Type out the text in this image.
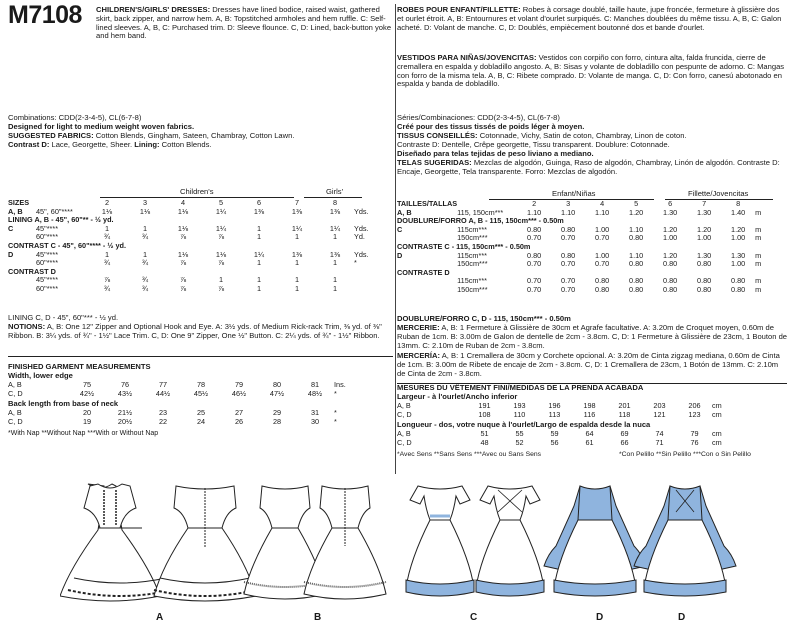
M7108 CHILDREN'S/GIRLS' DRESSES: Dresses have lined bodice, raised waist, gathered skirt, back zipper, and narrow hem. A, B: Topstitched armholes and hem ruffle. C: Self-lined sleeves. A, B, C: Purchased trim. D: Sleeve flounce. C, D: Lined, back-button yoke and hem band.
Combinations: CDD(2-3-4-5), CL(6-7-8)
Designed for light to medium weight woven fabrics.
SUGGESTED FABRICS: Cotton Blends, Gingham, Sateen, Chambray, Cotton Lawn.
Contrast D: Lace, Georgette, Sheer. Lining: Cotton Blends.
Children's	Girls'
SIZES		2	3	4	5	6	7	8	
A, B	45", 60"****	1⅛	1⅛	1⅛	1¼	1⅜	1⅜	1⅜	Yds.
LINING A, B - 45", 60"** - ½ yd.									
C	45"****	1	1	1⅛	1¼	1	1¼	1¼	Yds.
	60"****	¾	¾	⅞	⅞	1	1	1	Yd.
CONTRAST C - 45", 60"**** - ½ yd.									
D	45"****	1	1	1⅛	1⅛	1¼	1⅜	1⅜	Yds.
	60"****	¾	¾	⅞	⅞	1	1	1	*
CONTRAST D									
	45"****	⅞	¾	⅞	1	1	1	1	
	60"****	¾	¾	⅞	⅞	1	1	1	
LINING C, D - 45", 60"*** - ½ yd.
NOTIONS: A, B: One 12" Zipper and Optional Hook and Eye. A: 3½ yds. of Medium Rick-rack Trim, ⅜ yd. of ⅜" Ribbon. B: 3¼ yds. of ¾" - 1½" Lace Trim. C, D: One 9" Zipper, One ½" Button. C: 2¼ yds. of ¾" - 1½" Ribbon.
FINISHED GARMENT MEASUREMENTS
Width, lower edge
A, B	75	76	77	78	79	80	81	Ins.
C, D	42½	43½	44½	45½	46½	47½	48½	*
Back length from base of neck
A, B	20	21½	23	25	27	29	31	*
C, D	19	20½	22	24	26	28	30	*
*With Nap **Without Nap ***With or Without Nap
ROBES POUR ENFANT/FILLETTE: Robes à corsage doublé, taille haute, jupe froncée, fermeture à glissière dos et ourlet étroit. A, B: Entournures et volant d'ourlet surpiqués. C: Manches doublées du même tissu. A, B, C: Galon acheté. D: Volant de manche. C, D: Doublés, empiècement boutonné dos et bande d'ourlet.
VESTIDOS PARA NIÑAS/JOVENCITAS: Vestidos con corpiño con forro, cintura alta, falda fruncida, cierre de cremallera en espalda y dobladillo angosto. A, B: Sisas y volante de dobladillo con pespunte de adorno. C: Mangas con forro de la misma tela. A, B, C: Ribete comprado. D: Volante de manga. C, D: Con forro, canesú abotonado en espalda y banda de dobladillo.
Séries/Combinaciones: CDD(2-3-4-5), CL(6-7-8)
Créé pour des tissus tissés de poids léger à moyen.
TISSUS CONSEILLÉS: Cotonnade, Vichy, Satin de coton, Chambray, Linon de coton.
Contraste D: Dentelle, Crêpe georgette, Tissu transparent. Doublure: Cotonnade.
Diseñado para telas tejidas de peso liviano a mediano.
TELAS SUGERIDAS: Mezclas de algodón, Guinga, Raso de algodón, Chambray, Linón de algodón. Contraste D: Encaje, Georgette, Tela transparente. Forro: Mezclas de algodón.
Enfant/Niñas	Fillette/Jovencitas
TAILLES/TALLAS		2	3	4	5	6	7	8	
A, B	115, 150cm***	1.10	1.10	1.10	1.20	1.30	1.30	1.40	m
DOUBLURE/FORRO A, B - 115, 150cm*** - 0.50m									
C	115cm***	0.80	0.80	1.00	1.10	1.20	1.20	1.20	m
	150cm***	0.70	0.70	0.70	0.80	1.00	1.00	1.00	m
CONTRASTE C - 115, 150cm*** - 0.50m									
D	115cm***	0.80	0.80	1.00	1.10	1.20	1.30	1.30	m
	150cm***	0.70	0.70	0.70	0.80	0.80	0.80	1.00	m
CONTRASTE D									
	115cm***	0.70	0.70	0.80	0.80	0.80	0.80	0.80	m
	150cm***	0.70	0.70	0.80	0.80	0.80	0.80	0.80	m
DOUBLURE/FORRO C, D - 115, 150cm*** - 0.50m
MERCERIE: A, B: 1 Fermeture à Glissière de 30cm et Agrafe facultative. A: 3.20m de Croquet moyen, 0.60m de Ruban de 1cm. B: 3.00m de Galon de dentelle de 2cm - 3.8cm. C, D: 1 Fermeture à Glissière de 23cm, 1 Bouton de 13mm. C: 2.10m de Ruban de 2cm - 3.8cm.
MERCERÍA: A, B: 1 Cremallera de 30cm y Corchete opcional. A: 3.20m de Cinta zigzag mediana, 0.60m de Cinta de 1cm. B: 3.00m de Ribete de encaje de 2cm - 3.8cm. C, D: 1 Cremallera de 23cm, 1 Botón de 13mm. C: 2.10m de Cinta de 2cm - 3.8cm.
MESURES DU VÊTEMENT FINI/MEDIDAS DE LA PRENDA ACABADA
Largeur - à l'ourlet/Ancho inferior
A, B	191	193	196	198	201	203	206	cm
C, D	108	110	113	116	118	121	123	cm
Longueur - dos, votre nuque à l'ourlet/Largo de espalda desde la nuca
A, B	51	55	59	64	69	74	79	cm
C, D	48	52	56	61	66	71	76	cm
*Avec Sens **Sans Sens ***Avec ou Sans Sens	*Con Pelillo **Sin Pelillo ***Con o Sin Pelillo
A	B	C	D	D
